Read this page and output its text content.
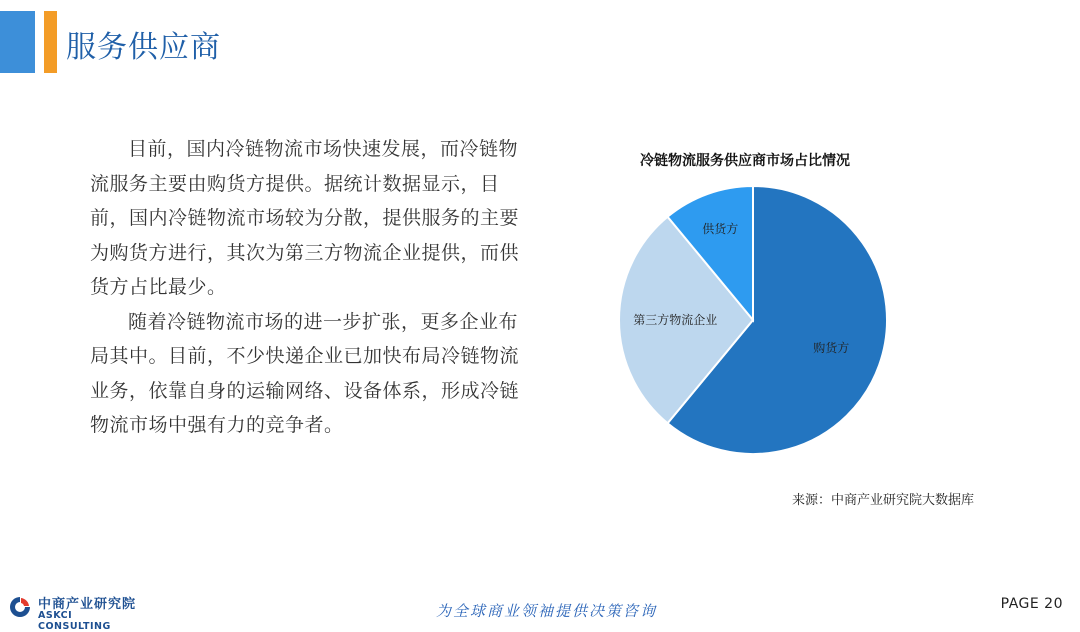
服务供应商

目前，国内冷链物流市场快速发展，而冷链物流服务主要由购货方提供。据统计数据显示，目前，国内冷链物流市场较为分散，提供服务的主要为购货方进行，其次为第三方物流企业提供，而供货方占比最少。

随着冷链物流市场的进一步扩张，更多企业布局其中。目前，不少快递企业已加快布局冷链物流业务，依靠自身的运输网络、设备体系，形成冷链物流市场中强有力的竞争者。

冷链物流服务供应商市场占比情况
购货方
第三方物流企业
供货方
来源：中商产业研究院大数据库
中商产业研究院
ASKCI CONSULTING
为全球商业领袖提供决策咨询	PAGE 20
